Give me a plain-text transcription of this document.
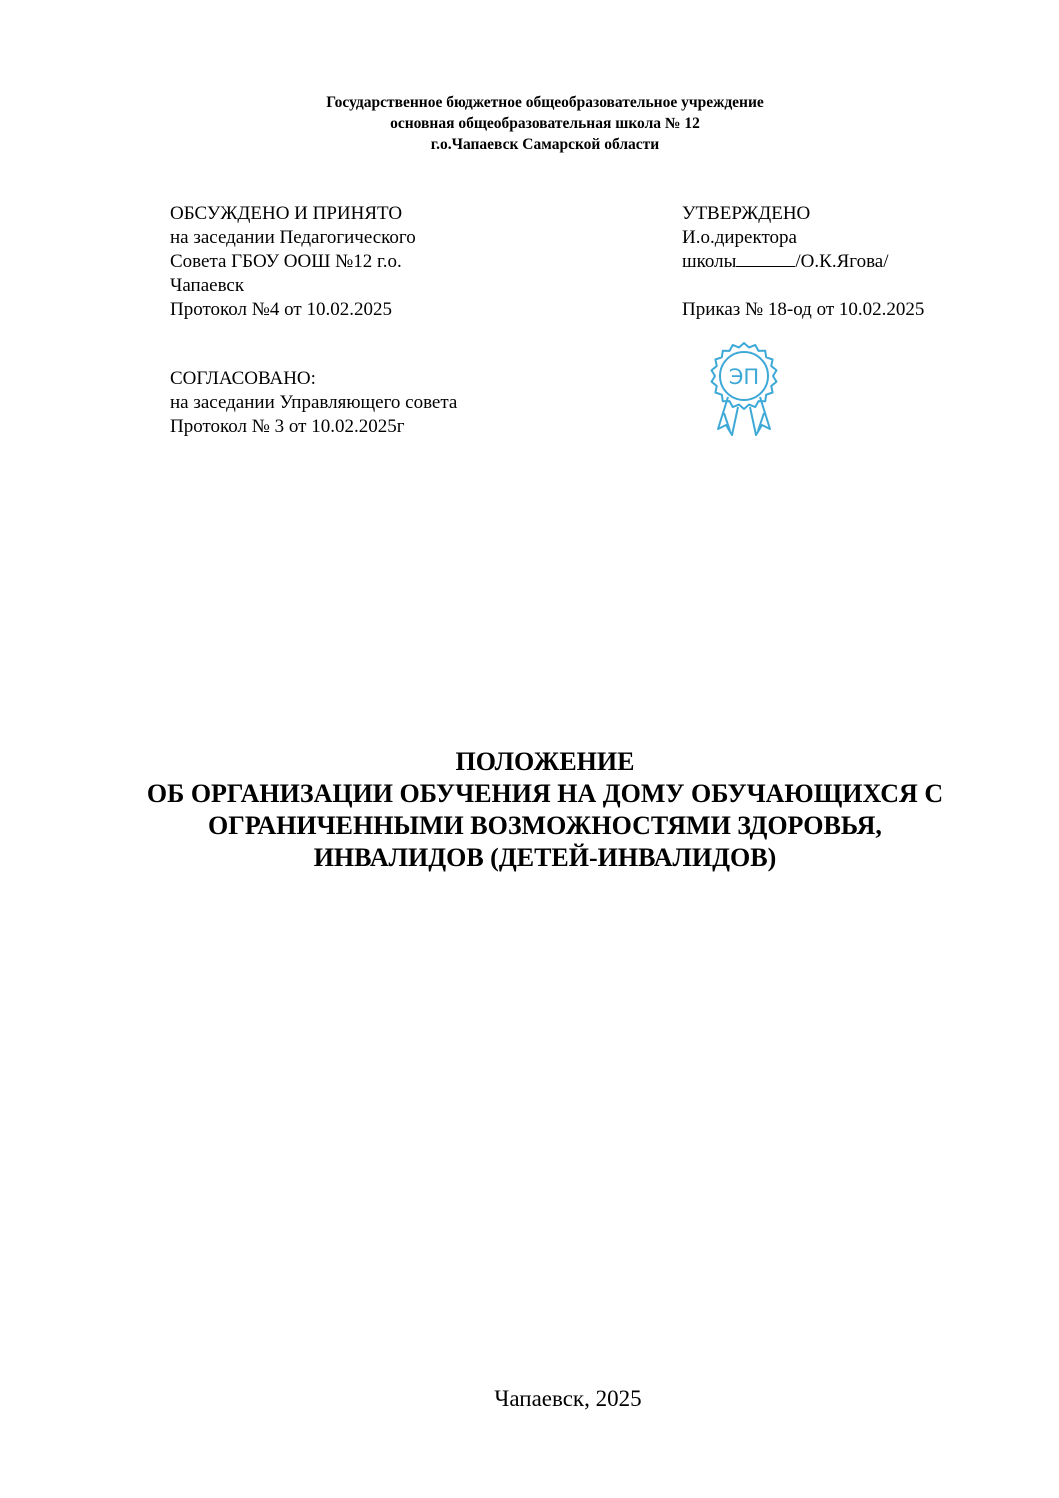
Государственное бюджетное общеобразовательное учреждение
основная общеобразовательная школа № 12
г.о.Чапаевск Самарской области
ОБСУЖДЕНО И ПРИНЯТО
на заседании Педагогического
Совета ГБОУ ООШ №12 г.о.
Чапаевск
Протокол №4 от 10.02.2025
УТВЕРЖДЕНО
И.о.директора
школы	/О.К.Ягова/
Приказ № 18-од от 10.02.2025
СОГЛАСОВАНО:
на заседании Управляющего совета
Протокол № 3 от 10.02.2025г
ЭП
ПОЛОЖЕНИЕ
ОБ ОРГАНИЗАЦИИ ОБУЧЕНИЯ НА ДОМУ ОБУЧАЮЩИХСЯ С
ОГРАНИЧЕННЫМИ ВОЗМОЖНОСТЯМИ ЗДОРОВЬЯ,
ИНВАЛИДОВ (ДЕТЕЙ-ИНВАЛИДОВ)
Чапаевск, 2025
